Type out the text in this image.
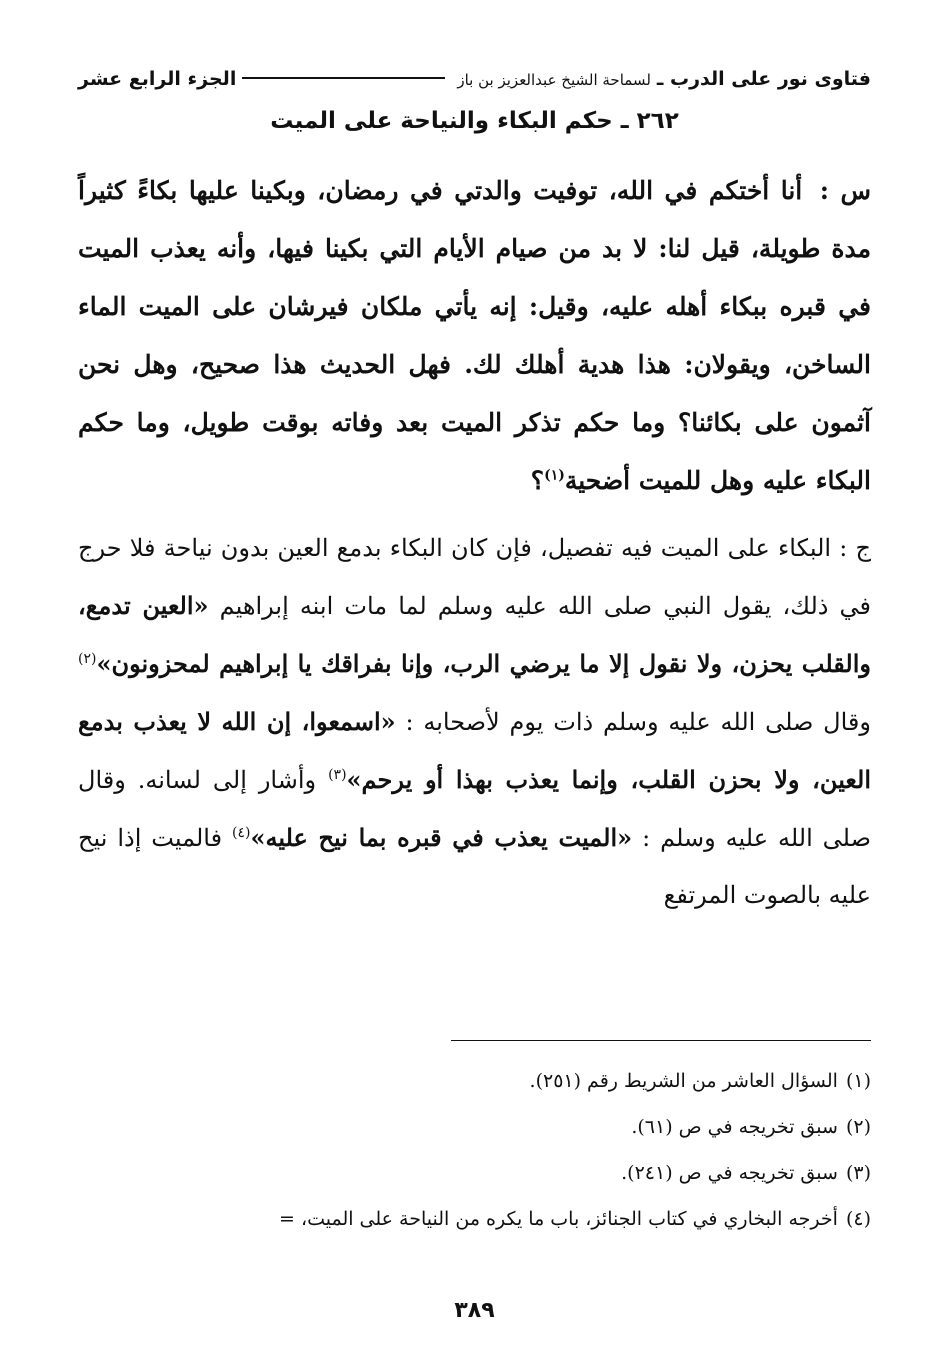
فتاوى نور على الدرب ـ
لسماحة الشيخ عبدالعزيز بن باز
الجزء الرابع عشر
٢٦٢ ـ حكم البكاء والنياحة على الميت
س : أنا أختكم في الله، توفيت والدتي في رمضان، وبكينا عليها بكاءً كثيراً مدة طويلة، قيل لنا: لا بد من صيام الأيام التي بكينا فيها، وأنه يعذب الميت في قبره ببكاء أهله عليه، وقيل: إنه يأتي ملكان فيرشان على الميت الماء الساخن، ويقولان: هذا هدية أهلك لك. فهل الحديث هذا صحيح، وهل نحن آثمون على بكائنا؟ وما حكم تذكر الميت بعد وفاته بوقت طويل، وما حكم البكاء عليه وهل للميت أضحية$^{(١)}$؟
ج : البكاء على الميت فيه تفصيل، فإن كان البكاء بدمع العين بدون نياحة فلا حرج في ذلك، يقول النبي صلى الله عليه وسلم لما مات ابنه إبراهيم «العين تدمع، والقلب يحزن، ولا نقول إلا ما يرضي الرب، وإنا بفراقك يا إبراهيم لمحزونون»$^{(٢)}$ وقال صلى الله عليه وسلم ذات يوم لأصحابه : «اسمعوا، إن الله لا يعذب بدمع العين، ولا بحزن القلب، وإنما يعذب بهذا أو يرحم»$^{(٣)}$ وأشار إلى لسانه. وقال صلى الله عليه وسلم : «الميت يعذب في قبره بما نيح عليه»$^{(٤)}$ فالميت إذا نيح عليه بالصوت المرتفع
(١)السؤال العاشر من الشريط رقم (٢٥١).
(٢)سبق تخريجه في ص (٦١).
(٣)سبق تخريجه في ص (٢٤١).
(٤)أخرجه البخاري في كتاب الجنائز، باب ما يكره من النياحة على الميت، =
٣٨٩
